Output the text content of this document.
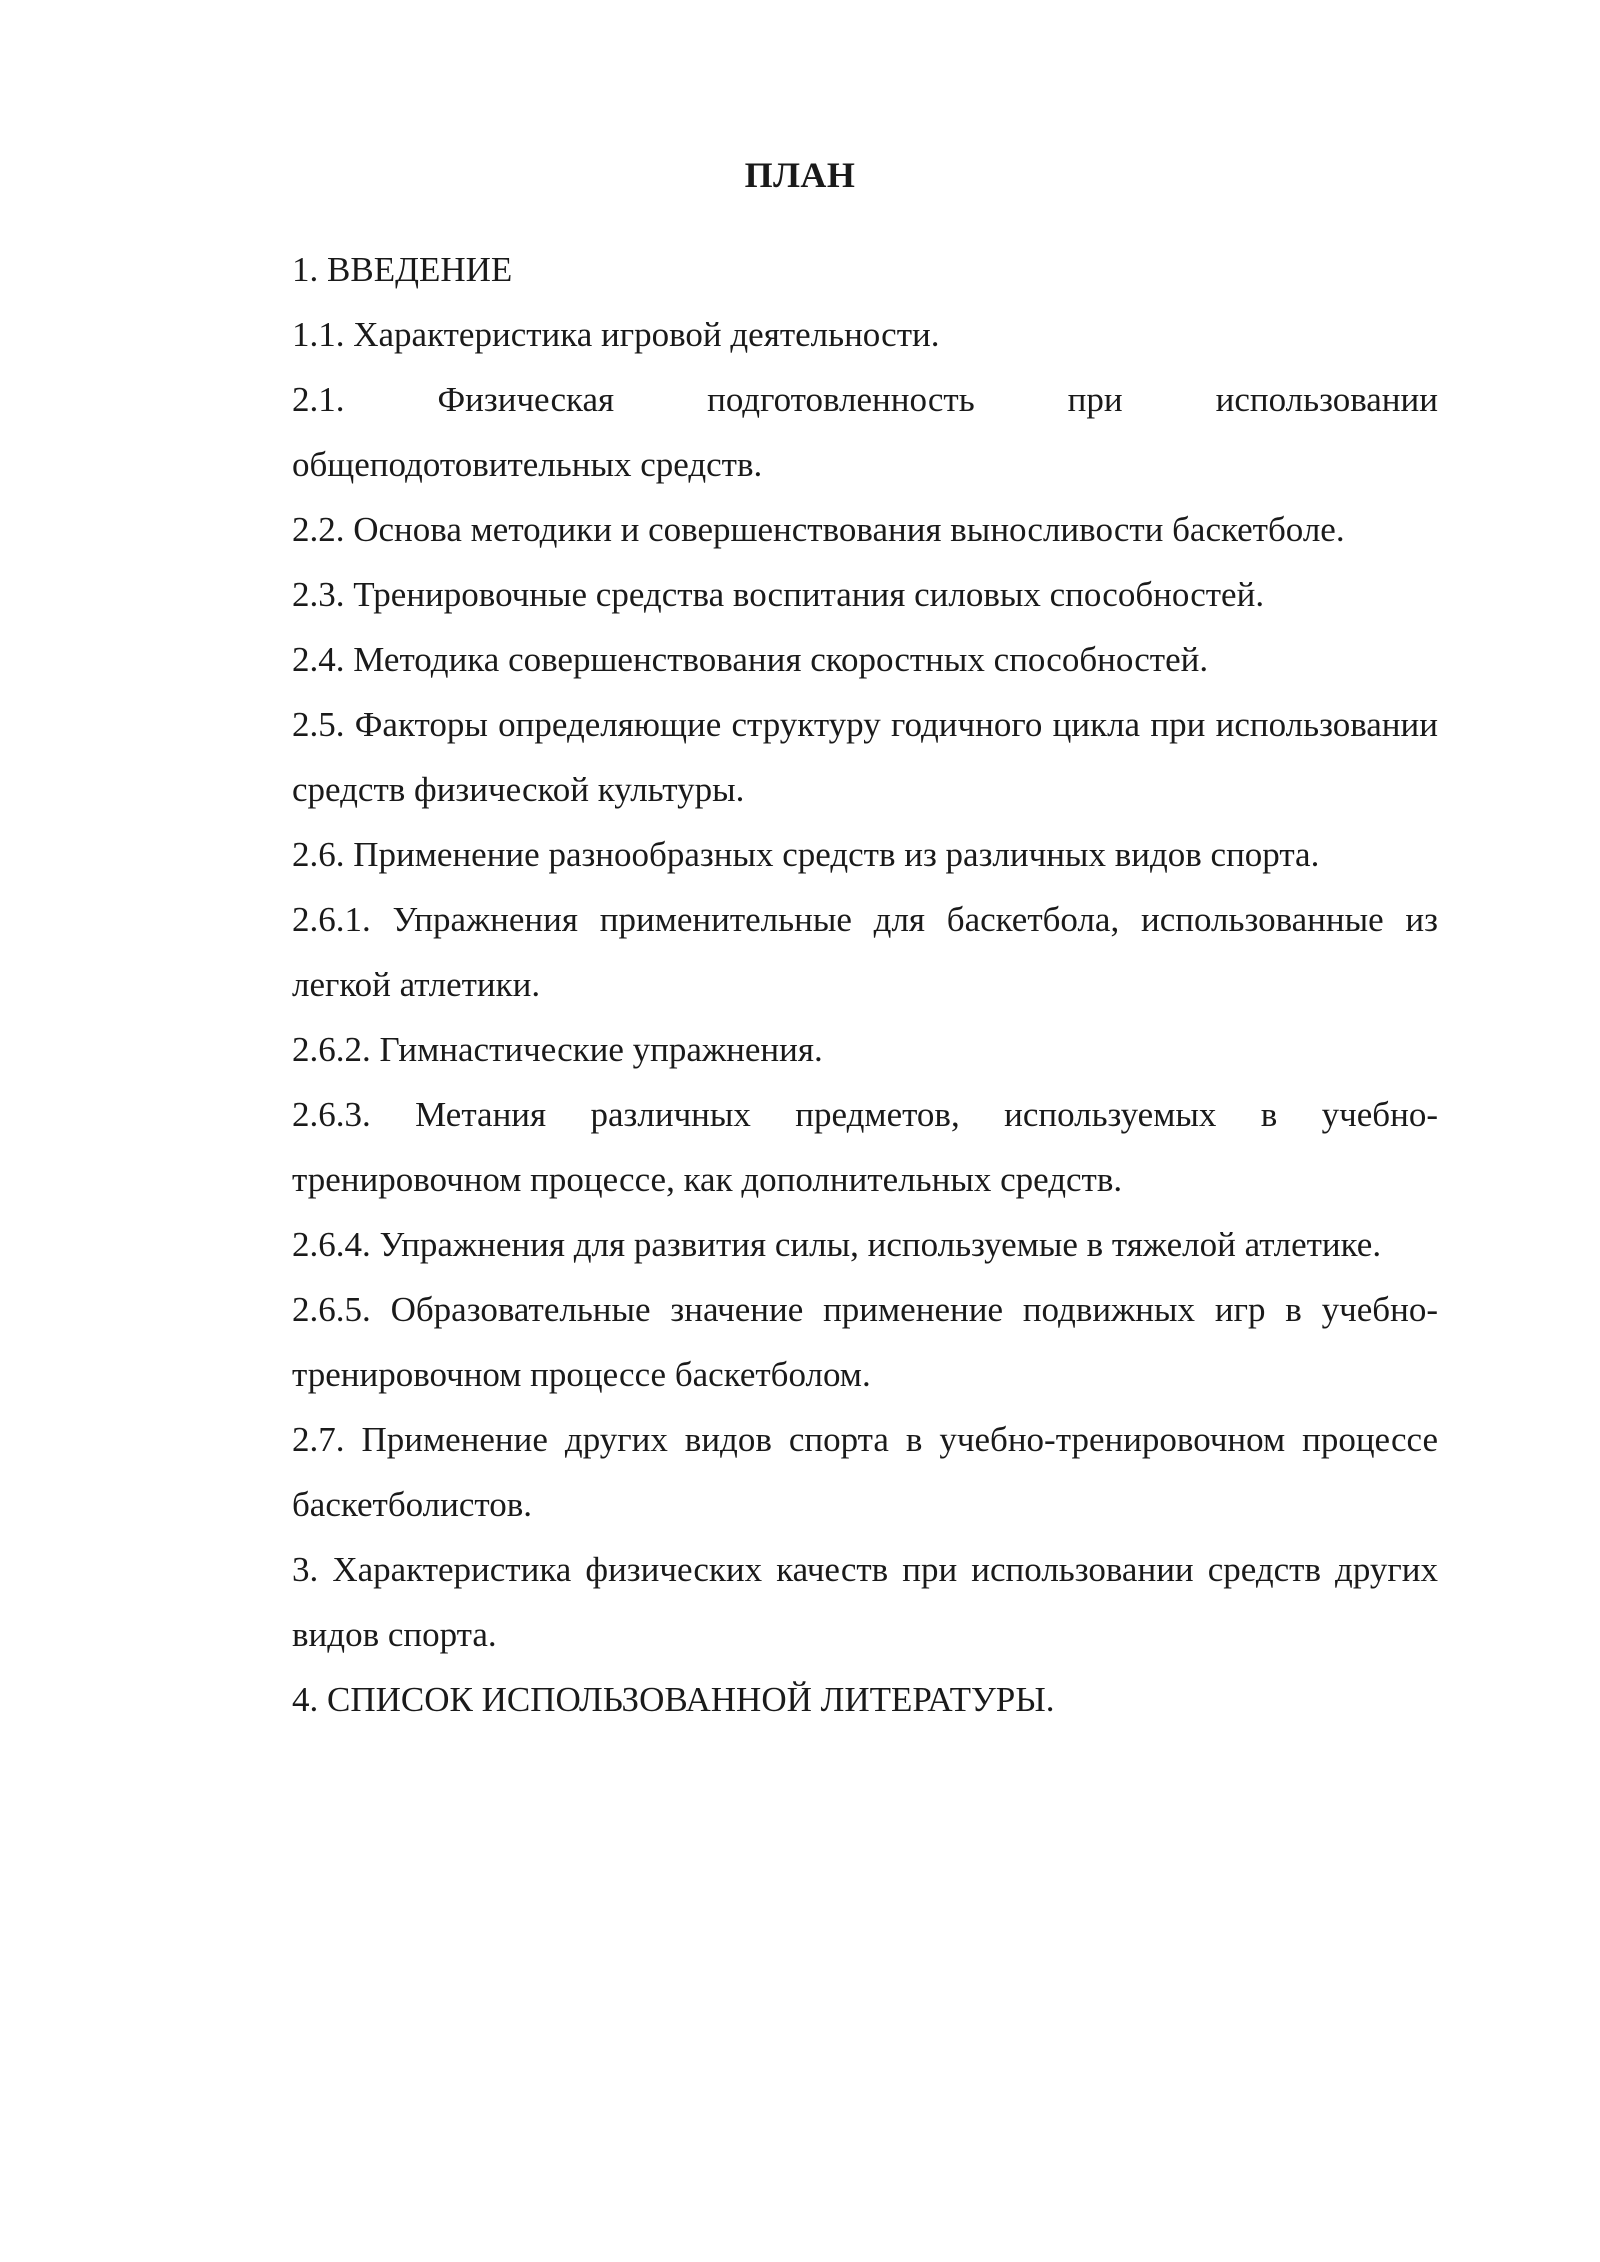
ПЛАН
1. ВВЕДЕНИЕ
1.1. Характеристика игровой деятельности.
2.1. Физическая подготовленность при использовании общеподотовительных средств.
2.2. Основа методики и совершенствования выносливости баскетболе.
2.3. Тренировочные средства воспитания силовых способностей.
2.4. Методика совершенствования скоростных способностей.
2.5. Факторы определяющие структуру годичного цикла при использовании средств физической культуры.
2.6. Применение разнообразных средств из различных видов спорта.
2.6.1. Упражнения применительные для баскетбола, использованные из легкой атлетики.
2.6.2. Гимнастические упражнения.
2.6.3. Метания различных предметов, используемых в учебно-тренировочном процессе, как дополнительных средств.
2.6.4. Упражнения для развития силы, используемые в тяжелой атлетике.
2.6.5. Образовательные значение применение подвижных игр в учебно-тренировочном процессе баскетболом.
2.7. Применение других видов спорта в учебно-тренировочном процессе баскетболистов.
3. Характеристика физических качеств при использовании средств других видов спорта.
4. СПИСОК ИСПОЛЬЗОВАННОЙ ЛИТЕРАТУРЫ.
